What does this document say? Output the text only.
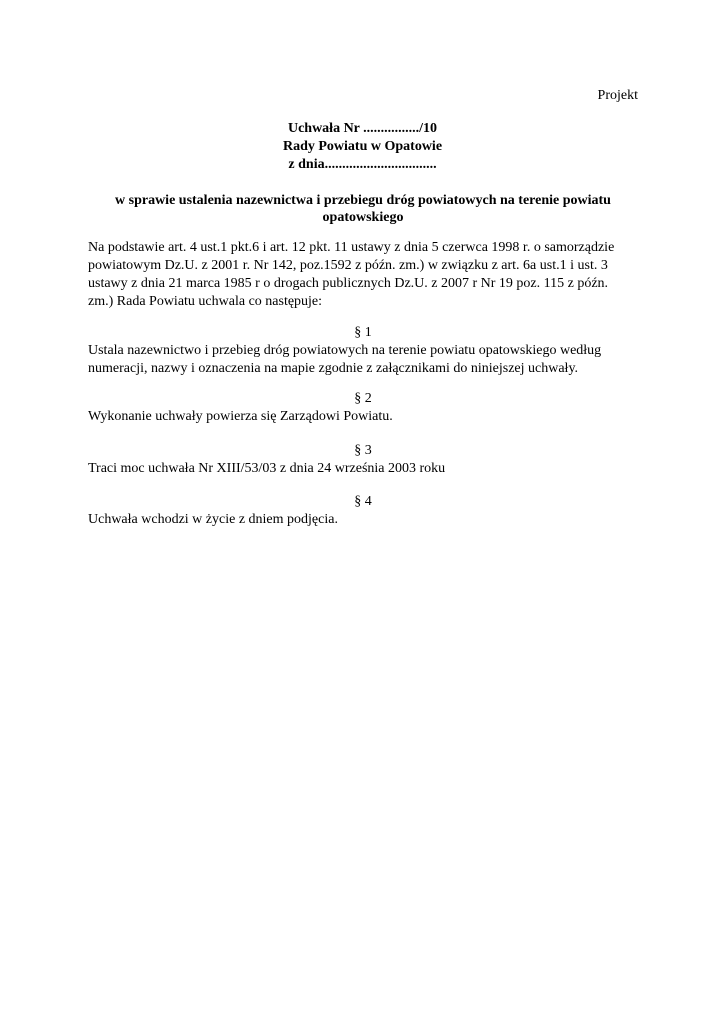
Projekt
Uchwała Nr ................/10
Rady Powiatu w Opatowie
z dnia................................
w sprawie ustalenia nazewnictwa i przebiegu dróg powiatowych na terenie powiatu
opatowskiego
Na podstawie art. 4 ust.1 pkt.6 i art. 12 pkt. 11 ustawy z dnia 5 czerwca 1998 r. o samorządzie
powiatowym Dz.U. z 2001 r. Nr 142, poz.1592 z późn. zm.) w związku z art. 6a ust.1 i ust. 3
ustawy z dnia 21 marca 1985 r o drogach publicznych Dz.U. z 2007 r Nr 19 poz. 115 z późn.
zm.) Rada Powiatu uchwala co następuje:
§ 1
Ustala nazewnictwo i przebieg dróg powiatowych na terenie powiatu opatowskiego według
numeracji, nazwy i oznaczenia na mapie zgodnie z załącznikami do niniejszej uchwały.
§ 2
Wykonanie uchwały powierza się Zarządowi Powiatu.
§ 3
Traci moc uchwała Nr XIII/53/03 z dnia 24 września 2003 roku
§ 4
Uchwała wchodzi w życie z dniem podjęcia.
